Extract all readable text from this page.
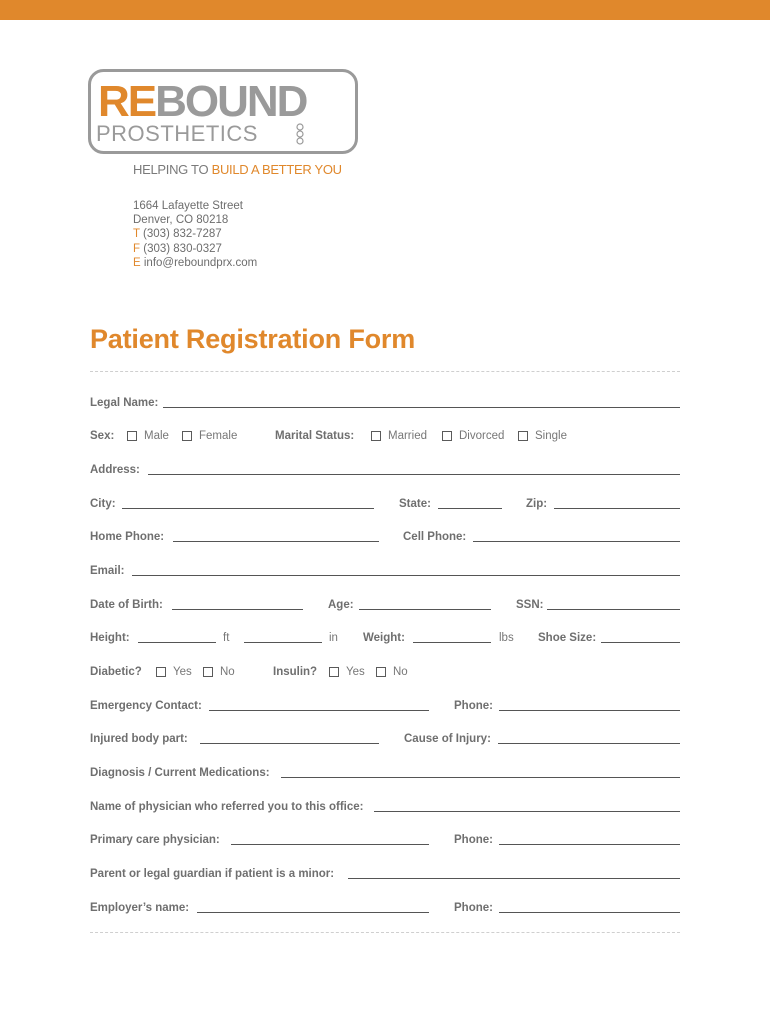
REBOUND
PROSTHETICS
HELPING TO BUILD A BETTER YOU
1664 Lafayette Street
Denver, CO 80218
T (303) 832-7287
F (303) 830-0327
E info@reboundprx.com
Patient Registration Form
Legal Name:
Sex:	Male	Female	Marital Status:	Married	Divorced	Single
Address:
City:	State:	Zip:
Home Phone:	Cell Phone:
Email:
Date of Birth:	Age:	SSN:
Height:	ft	in Weight:	lbs Shoe Size:
Diabetic?	Yes No	Insulin?	Yes No
Emergency Contact:	Phone:
Injured body part:	Cause of Injury:
Diagnosis / Current Medications:
Name of physician who referred you to this office:
Primary care physician:	Phone:
Parent or legal guardian if patient is a minor:
Employer’s name:	Phone:
